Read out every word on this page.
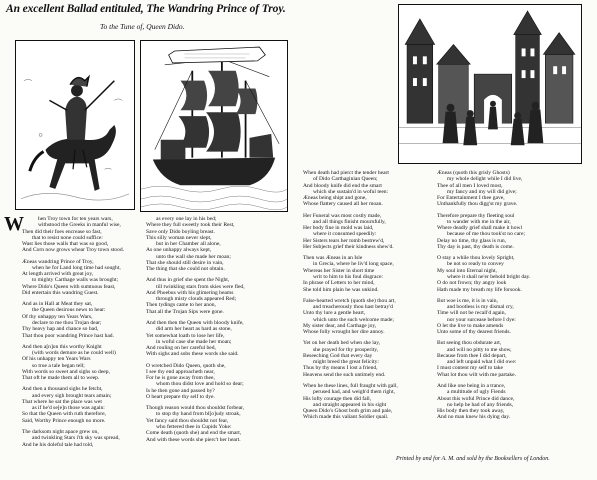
An excellent Ballad entituled, The Wandring Prince of Troy.
To the Tune of, Queen Dido.
W	hen Troy town for ten years wars,
withstood the Greeks in manful wise,
Then did their foes encrease so fast,
that to resist none could suffice:
Wast lies those walls that was so good,
And Corn now grows whear Troy town stood.
Æneas wandring Prince of Troy,
when he for Land long time had sought,
At length arrived with great joy,
to mighty Carthage walls was brought;
Where Dido's Queen with sumtuous feast,
Did entertain this wandring Guest.
And as in Hall at Meat they sat,
the Queen desirous news to hear:
Of thy unhappy ten Years Wars,
declare to me thou Trojan dear;
Thy heavy hap and chance so bad,
That thou poor wandring Prince hast had.
And then a[n]on this worthy Knight
(with words demure as he could well)
Of his unhappy ten Years Wars
so true a tale began tell;
With words so sweet and sighs so deep,
That oft he made them all to weep.
And then a thousand sighs he fetcht,
and every sigh brought tears amain;
That where he sat the place was wet
as if he'd se[e]n those was again:
So that the Queen with ruth therefore,
Said, Worthy Prince enough no more.
The darksom night apace grew on,
and twinkling Stars i'th sky was spread,
And he his doleful tale had told,
as every one lay in his bed;
Where they full sweetly took their Rest,
Save only Dido boyling breast.
This silly woman never slept,
but in her Chamber all alone,
As one unhappy always kept,
unto the wall she made her moan;
That she should still desire in vain,
The thing that she could not obtain.
And thus in grief she spent the Night,
till twinkling stars from skies were fled,
And Phoebus with his glimering beams
through misty clouds appeared Red;
Then tydings came to her anon,
That all the Trojan Sips were gone.
And then then the Queen with bloody knife,
did arm her heart as hard as stone,
Yet somewhat loath to lose her life,
in woful case she made her moan;
And rouling on her careful bed,
With sighs and sobs these words she said.
O wretched Dido Queen, quoth she,
I see thy end approacheth near,
For he is gone away from thee,
whom thou didst love and hold so dear;
Is he then gone and passed by?
O heart prepare thy self to dye.
Though reason would thou shouldst forbear,
to stop thy hand from bl[o]udy stroak,
Yet fancy said thou shouldst not fear,
who fettered thee in Cupids Yoke:
Come death (quoth she) and end the smart,
And with these words she pierc't her heart.
When death had pierct the tender heart
of Dido Carthaginian Queen;
And bloody knife did end the smart
which she sustain'd in woful teen:
Æneas being shipt and gone,
Whose flattery caused all her moan.
Her Funeral was most costly made,
and all things finisht mournfully,
Her body fine in mold was laid,
where it consumed speedily:
Her Sisters tears her tomb bestrew'd,
Her Subjects grief their kindness shew'd.
Then was Æneas in an Isle
in Grecia, where he liv'd long space,
Whereas her Sister in short time
writ to him to his foul disgrace:
In phrase of Letters to her mind,
She told him plain he was unkind.
False-hearted wretch (quoth she) thou art,
and treacherously thou hast betray'd
Unto thy lure a gentle heart,
which unto the such welcome made;
My sister dear, and Carthage joy,
Whose folly wrought her dire annoy.
Yet on her death bed when she lay,
she prayed for thy prosperity,
Beseeching God that every day
might breed the great felicity:
Thus by thy means I lost a friend,
Heavens send the such untimely end.
When he these lines, full fraught with gall,
perused had, and weigh'd them right,
His lofty courage then did fall,
and straight appeared in his sight
Queen Dido's Ghost both grim and pale,
Which made this valiant Soldier quail.
Æneas (quoth this grisly Ghosts)
my whole delight while I did live,
Thee of all men I loved most,
my fancy and my will did give;
For Entertainment I thee gave,
Unthankfully thou digg'st my grave.
Therefore prepare thy fleeting soul
to wander with me in the air,
Where deadly grief shall make it howl
because of me thou took'st no care;
Delay no time, thy glass is run,
Thy day is past, thy death is come.
O stay a while thou lovely Spright,
be not so ready to convey
My soul into Eternal night,
where it shall ne'er behold bright day.
O do not frown; thy angry look
Hath made my breath my life forsook.
But woe is me, it is in vain,
and bootless is my dismal cry,
Time will not be recall'd again,
nor your surcease before I dye:
O let the live to make amends
Unto some of thy dearest friends.
But seeing thou obdurate art,
and will no pitty to me show,
Because from thee I did depart,
and left unpaid what I did owe:
I must content my self to take
What lot thou wilt with me partake.
And like one being in a trance,
a multitude of ugly Fiends
About this woful Prince did dance,
no help he had of any friends,
His body then they took away,
And no man knew his dying day.
Printed by and for A. M. and sold by the Booksellers of London.
